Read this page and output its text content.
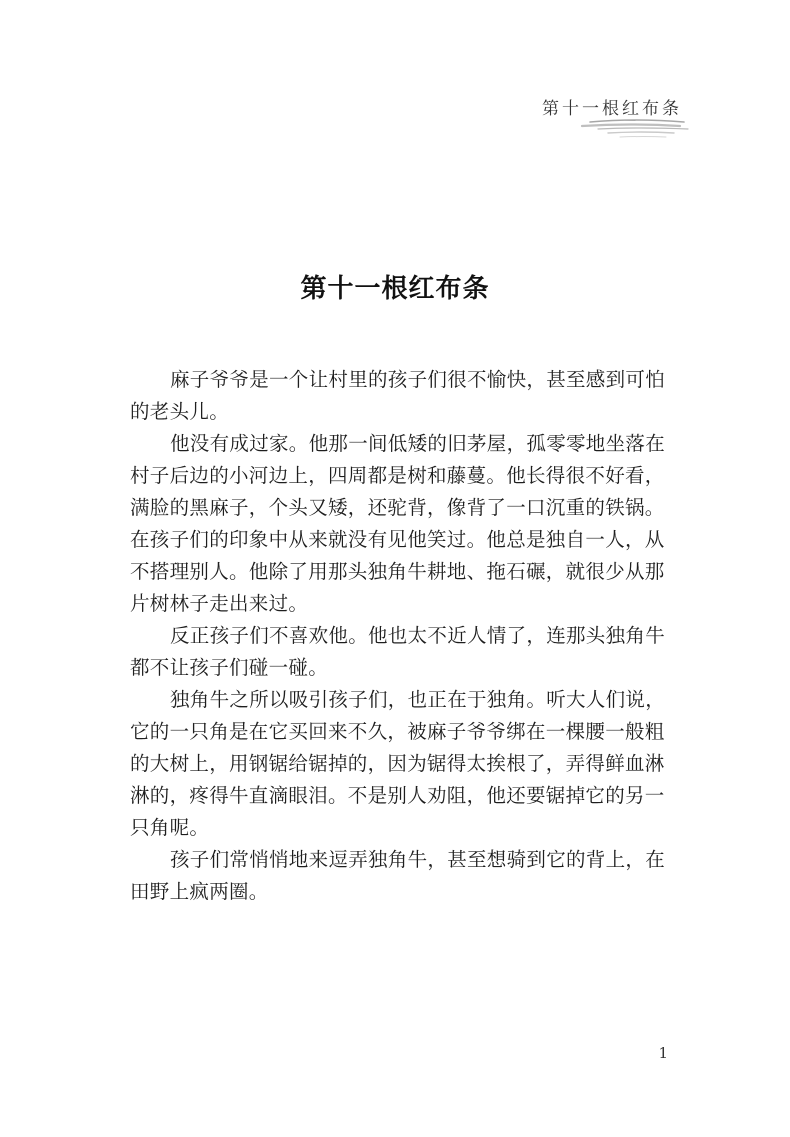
第十一根红布条
第十一根红布条

麻子爷爷是一个让村里的孩子们很不愉快，甚至感到可怕
的老头儿。

他没有成过家。他那一间低矮的旧茅屋，孤零零地坐落在
村子后边的小河边上，四周都是树和藤蔓。他长得很不好看，
满脸的黑麻子，个头又矮，还驼背，像背了一口沉重的铁锅。
在孩子们的印象中从来就没有见他笑过。他总是独自一人，从
不搭理别人。他除了用那头独角牛耕地、拖石碾，就很少从那
片树林子走出来过。

反正孩子们不喜欢他。他也太不近人情了，连那头独角牛
都不让孩子们碰一碰。

独角牛之所以吸引孩子们，也正在于独角。听大人们说，
它的一只角是在它买回来不久，被麻子爷爷绑在一棵腰一般粗
的大树上，用钢锯给锯掉的，因为锯得太挨根了，弄得鲜血淋
淋的，疼得牛直滴眼泪。不是别人劝阻，他还要锯掉它的另一
只角呢。

孩子们常悄悄地来逗弄独角牛，甚至想骑到它的背上，在
田野上疯两圈。

1
